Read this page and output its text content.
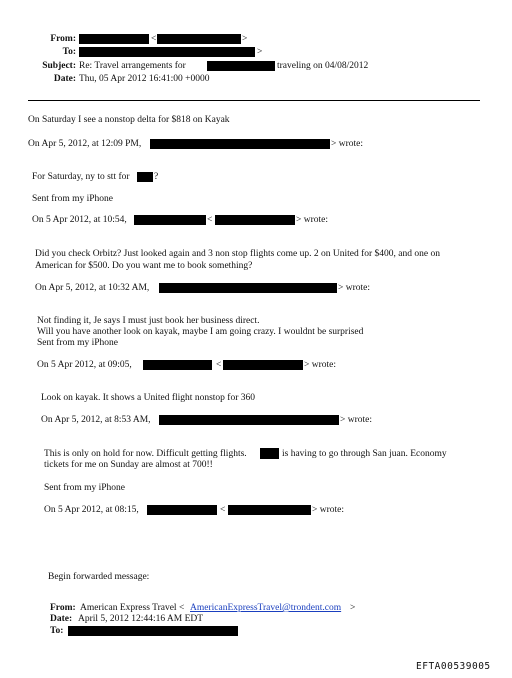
From:	<	>
To:	>
Subject: Re: Travel arrangements for	traveling on 04/08/2012
Date: Thu, 05 Apr 2012 16:41:00 +0000
On Saturday I see a nonstop delta for $818 on Kayak
On Apr 5, 2012, at 12:09 PM,	> wrote:
For Saturday, ny to stt for	?
Sent from my iPhone
On 5 Apr 2012, at 10:54,	<	> wrote:
Did you check Orbitz? Just looked again and 3 non stop flights come up. 2 on United for $400, and one on
American for $500. Do you want me to book something?
On Apr 5, 2012, at 10:32 AM,	> wrote:
Not finding it, Je says I must just book her business direct.
Will you have another look on kayak, maybe I am going crazy. I wouldnt be surprised
Sent from my iPhone
On 5 Apr 2012, at 09:05,	<	> wrote:
Look on kayak. It shows a United flight nonstop for 360
On Apr 5, 2012, at 8:53 AM,	> wrote:
This is only on hold for now. Difficult getting flights.	is having to go through San juan. Economy
tickets for me on Sunday are almost at 700!!
Sent from my iPhone
On 5 Apr 2012, at 08:15,	<	> wrote:
Begin forwarded message:
From: American Express Travel < AmericanExpressTravel@trondent.com >
Date: April 5, 2012 12:44:16 AM EDT
To:
EFTA00539005
